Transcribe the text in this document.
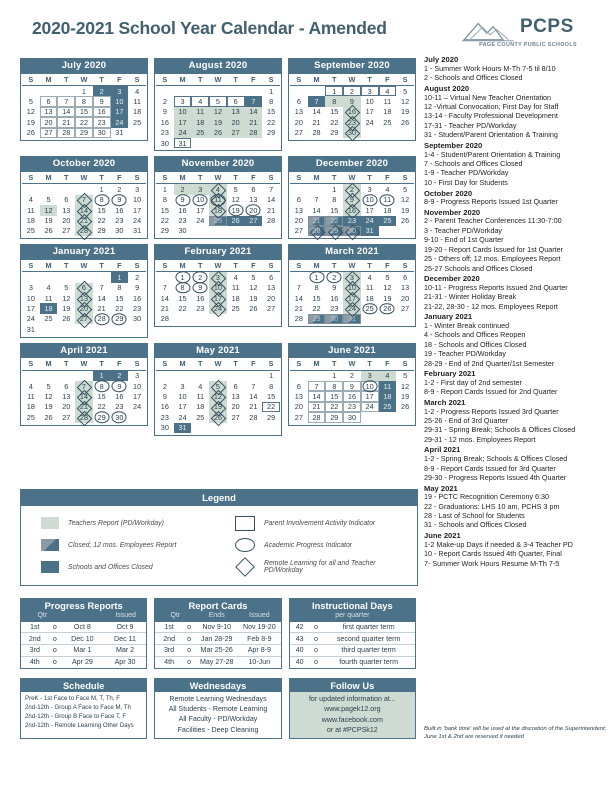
2020-2021 School Year Calendar - Amended	PCPS
PAGE COUNTY PUBLIC SCHOOLS
July 2020
S	M	T	W	T	F	S

			1	2	3	4

5	6	7	8	9	10	11

12	13	14	15	16	17	18

19	20	21	22	23	24	25

26	27	28	29	30	31	

August 2020
S	M	T	W	T	F	S

						1

2	3	4	5	6	7	8

9	10	11	12	13	14	15

16	17	18	19	20	21	22

23	24	25	26	27	28	29

30	31					

September 2020
S	M	T	W	T	F	S

		1	2	3	4	5

6	7	8	9	10	11	12

13	14	15	16	17	18	19

20	21	22	23	24	25	26

27	28	29	30			

October 2020
S	M	T	W	T	F	S

				1	2	3

4	5	6	7	8	9	10

11	12	13	14	15	16	17

18	19	20	21	22	23	24

25	26	27	28	29	30	31
November 2020
S	M	T	W	T	F	S

1	2	3	4	5	6	7

8	9	10	11	12	13	14

15	16	17	18	19	20	21

22	23	24	25	26	27	28

29	30					

December 2020
S	M	T	W	T	F	S

		1	2	3	4	5

6	7	8	9	10	11	12

13	14	15	16	17	18	19

20	21	22	23	24	25	26

27	28	29	30	31		

January 2021
S	M	T	W	T	F	S

					1	2

3	4	5	6	7	8	9

10	11	12	13	14	15	16

17	18	19	20	21	22	23

24	25	26	27	28	29	30

31						

February 2021
S	M	T	W	T	F	S

	1	2	3	4	5	6

7	8	9	10	11	12	13

14	15	16	17	18	19	20

21	22	23	24	25	26	27

28						

March 2021
S	M	T	W	T	F	S

	1	2	3	4	5	6

7	8	9	10	11	12	13

14	15	16	17	18	19	20

21	22	23	24	25	26	27

28	29	30	31			

April 2021
S	M	T	W	T	F	S

				1	2	3

4	5	6	7	8	9	10

11	12	13	14	15	16	17

18	19	20	21	22	23	24

25	26	27	28	29	30	

May 2021
S	M	T	W	T	F	S

						1

2	3	4	5	6	7	8

9	10	11	12	13	14	15

16	17	18	19	20	21	22

23	24	25	26	27	28	29

30	31					

June 2021
S	M	T	W	T	F	S

		1	2	3	4	5

6	7	8	9	10	11	12

13	14	15	16	17	18	19

20	21	22	23	24	25	26

27	28	29	30			

Legend
Teachers Report (PD/Workday)
Closed; 12 mos. Employees Report
Schools and Offices Closed
Parent Involvement Activity Indicator
Academic Progress Indicator
Remote Learning for all and Teacher PD/Workday
Progress Reports
Qtr	Issued
1st	o	Oct 8	Oct 9
2nd	o	Dec 10	Dec 11
3rd	o	Mar 1	Mar 2
4th	o	Apr 29	Apr 30
Report Cards
Qtr	Ends	Issued
1st	o	Nov 9-10	Nov 19-20
2nd	o	Jan 28-29	Feb 8-9
3rd	o	Mar 25-26	Apr 8-9
4th	o	May 27-28	10-Jun
Instructional Days
per quarter
42	o	first quarter term
43	o	second quarter term
40	o	third quarter term
40	o	fourth quarter term
Schedule
PreK - 1st Face to Face M, T, Th, F
2nd-12th - Group A Face to Face M, Th
2nd-12th - Group B Face to Face T, F
2nd-12th - Remote Learning Other Days
Wednesdays
Remote Learning Wednesdays
All Students - Remote Learning
All Faculty - PD/Workday
Facilities - Deep Cleaning
Follow Us
for updated information at...
www.pagek12.org
www.facebook.com
or at #PCPSk12
July 2020
1 - Summer Work Hours M-Th 7-5 til 8/10
2 - Schools and Offices Closed
August 2020
10-11 – Virtual New Teacher Orientation
12 -Virtual Convocation; First Day for Staff
13-14 - Faculty Professional Development
17-31 - Teacher PD/Workday
31 - Student/Parent Orientation & Training
September 2020
1-4 - Student/Parent Orientation & Training
7 - Schools and Offices Closed
1-9 - Teacher PD/Workday
10 - First Day for Students
October 2020
8-9 - Progress Reports Issued 1st Quarter
November 2020
2 - Parent Teacher Conferences 11:30-7:00
3 - Teacher PD/Workday
9-10 - End of 1st Quarter
19-20 - Report Cards Issued for 1st Quarter
25 - Others off; 12 mos. Employees Report
25-27 Schools and Offices Closed
December 2020
10-11 - Progress Reports Issued 2nd Quarter
21-31 - Winter Holiday Break
21-22, 28-30 - 12 mos. Employees Report
January 2021
1 - Winter Break continued
4 - Schools and Offices Reopen
18 - Schools and Offices Closed
19 - Teacher PD/Workday
28-29 - End of 2nd Quarter/1st Semester
February 2021
1-2 - First day of 2nd semester
8-9 - Report Cards Issued for 2nd Quarter
March 2021
1-2 - Progress Reports Issued 3rd Quarter
25-26 - End of 3rd Quarter
29-31 - Spring Break; Schools & Offices Closed
29-31 - 12 mos. Employees Report
April 2021
1-2 - Spring Break; Schools & Offices Closed
8-9 - Report Cards Issued for 3rd Quarter
29-30 - Progress Reports Issued 4th Quarter
May 2021
19 - PCTC Recognition Ceremony 6:30
22 - Graduations: LHS 10 am, PCHS 3 pm
28 - Last of School for Students
31 - Schools and Offices Closed
June 2021
1-2 Make-up Days if needed & 3-4 Teacher PD
10 - Report Cards Issued 4th Quarter, Final
7- Summer Work Hours Resume M-Th 7-5
Built in 'bank time' will be used at the discretion of the Superintendent; June 1st & 2nd are reserved if needed
